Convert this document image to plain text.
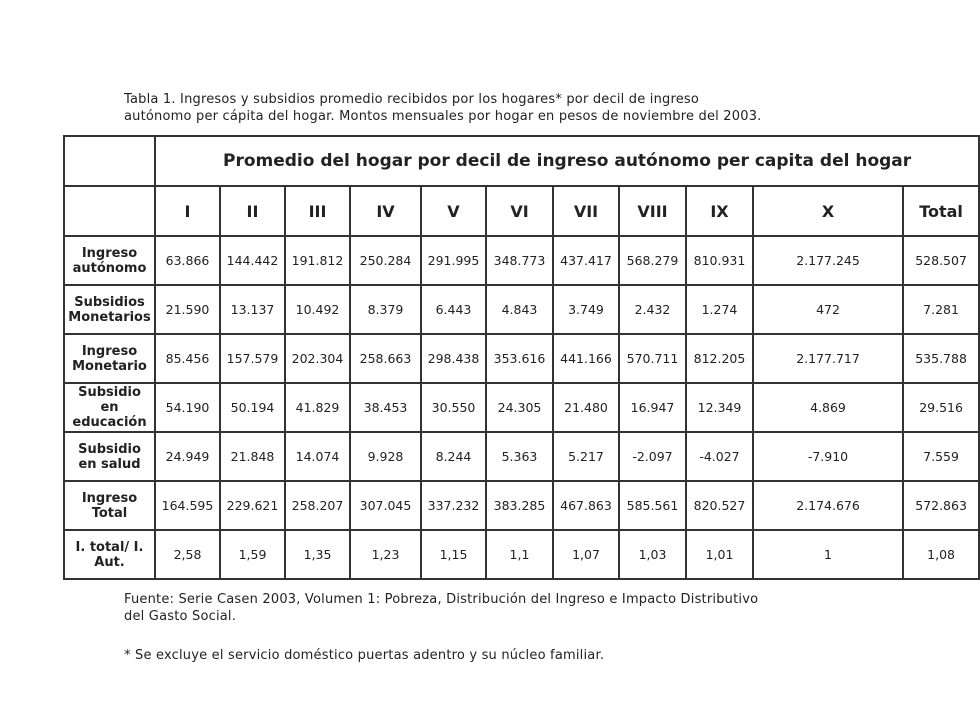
Tabla 1. Ingresos y subsidios promedio recibidos por los hogares* por decil de ingreso
autónomo per cápita del hogar. Montos mensuales por hogar en pesos de noviembre del 2003.
	Promedio del hogar por decil de ingreso autónomo per capita del hogar										
	I	II	III	IV	V	VI	VII	VIII	IX	X	Total

Ingreso
autónomo	63.866	144.442	191.812	250.284	291.995	348.773	437.417	568.279	810.931	2.177.245	528.507

Subsidios
Monetarios	21.590	13.137	10.492	8.379	6.443	4.843	3.749	2.432	1.274	472	7.281

Ingreso
Monetario	85.456	157.579	202.304	258.663	298.438	353.616	441.166	570.711	812.205	2.177.717	535.788

Subsidio
en
educación	54.190	50.194	41.829	38.453	30.550	24.305	21.480	16.947	12.349	4.869	29.516

Subsidio
en salud	24.949	21.848	14.074	9.928	8.244	5.363	5.217	-2.097	-4.027	-7.910	7.559

Ingreso
Total	164.595	229.621	258.207	307.045	337.232	383.285	467.863	585.561	820.527	2.174.676	572.863

I. total/ I.
Aut.	2,58	1,59	1,35	1,23	1,15	1,1	1,07	1,03	1,01	1	1,08
Fuente: Serie Casen 2003, Volumen 1: Pobreza, Distribución del Ingreso e Impacto Distributivo
del Gasto Social.
* Se excluye el servicio doméstico puertas adentro y su núcleo familiar.
